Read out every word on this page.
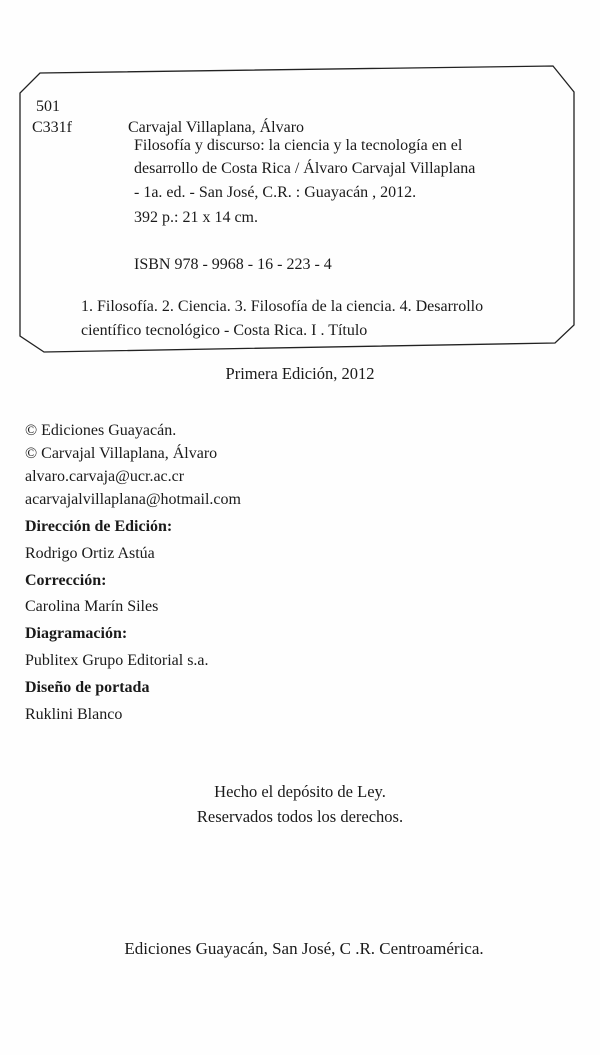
501
C331f	Carvajal Villaplana, Álvaro
Filosofía y discurso: la ciencia y la tecnología en el
desarrollo de Costa Rica / Álvaro Carvajal Villaplana
- 1a. ed. - San José, C.R. : Guayacán , 2012.
392 p.: 21 x 14 cm.
ISBN 978 - 9968 - 16 - 223 - 4
1. Filosofía. 2. Ciencia. 3. Filosofía de la ciencia. 4. Desarrollo
científico tecnológico - Costa Rica. I . Título
Primera Edición, 2012
© Ediciones Guayacán.
© Carvajal Villaplana, Álvaro
alvaro.carvaja@ucr.ac.cr
acarvajalvillaplana@hotmail.com
Dirección de Edición:
Rodrigo Ortiz Astúa
Corrección:
Carolina Marín Siles
Diagramación:
Publitex Grupo Editorial s.a.
Diseño de portada
Ruklini Blanco
Hecho el depósito de Ley.
Reservados todos los derechos.
Ediciones Guayacán, San José, C .R. Centroamérica.
